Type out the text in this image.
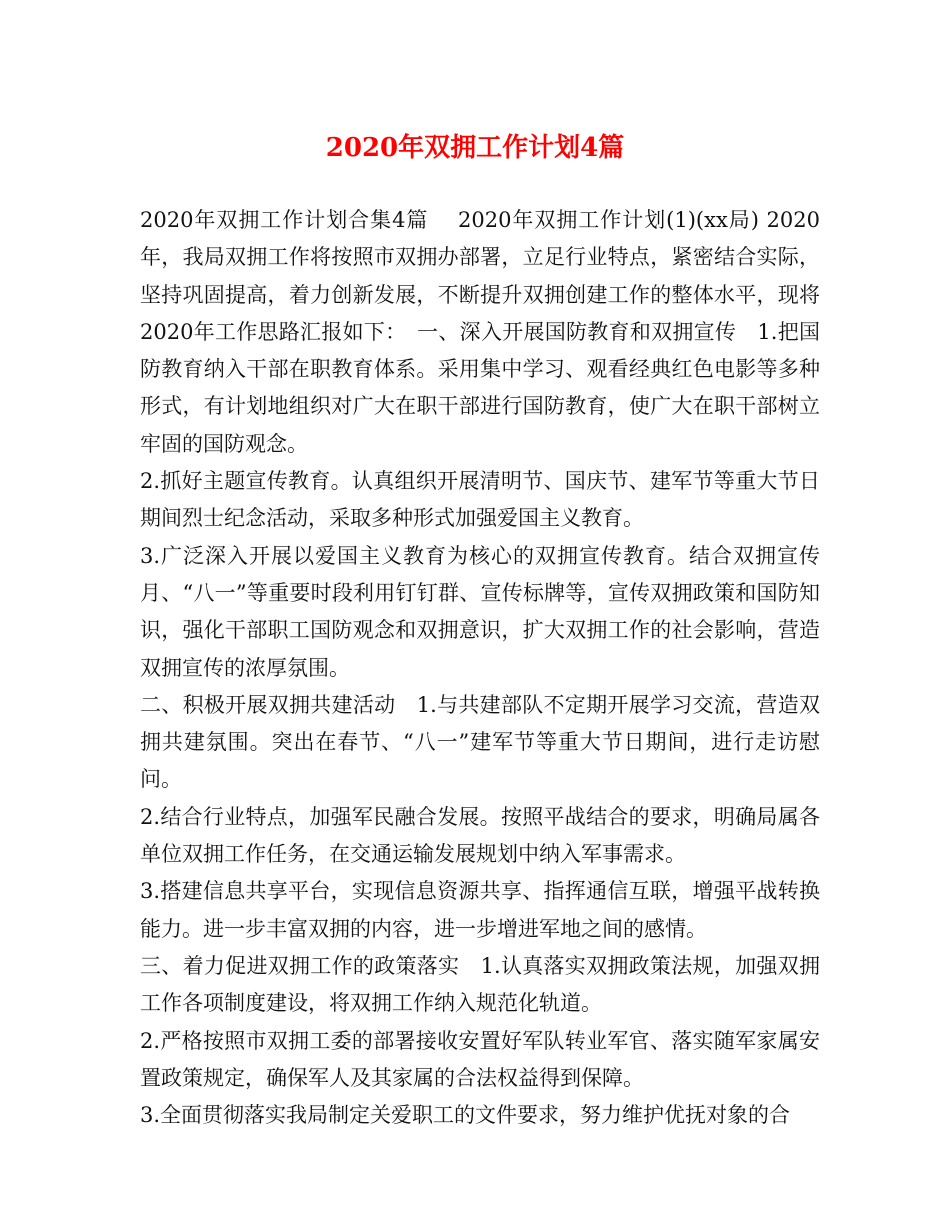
2020年双拥工作计划4篇

2020年双拥工作计划合集4篇　 2020年双拥工作计划(1)(xx局) 2020年，我局双拥工作将按照市双拥办部署，立足行业特点，紧密结合实际，坚持巩固提高，着力创新发展，不断提升双拥创建工作的整体水平，现将2020年工作思路汇报如下：　一、深入开展国防教育和双拥宣传　1.把国防教育纳入干部在职教育体系。采用集中学习、观看经典红色电影等多种形式，有计划地组织对广大在职干部进行国防教育，使广大在职干部树立牢固的国防观念。

2.抓好主题宣传教育。认真组织开展清明节、国庆节、建军节等重大节日期间烈士纪念活动，采取多种形式加强爱国主义教育。

3.广泛深入开展以爱国主义教育为核心的双拥宣传教育。结合双拥宣传月、“八一”等重要时段利用钉钉群、宣传标牌等，宣传双拥政策和国防知识，强化干部职工国防观念和双拥意识，扩大双拥工作的社会影响，营造双拥宣传的浓厚氛围。

二、积极开展双拥共建活动　1.与共建部队不定期开展学习交流，营造双拥共建氛围。突出在春节、“八一”建军节等重大节日期间，进行走访慰问。

2.结合行业特点，加强军民融合发展。按照平战结合的要求，明确局属各单位双拥工作任务，在交通运输发展规划中纳入军事需求。

3.搭建信息共享平台，实现信息资源共享、指挥通信互联，增强平战转换能力。进一步丰富双拥的内容，进一步增进军地之间的感情。

三、着力促进双拥工作的政策落实　1.认真落实双拥政策法规，加强双拥工作各项制度建设，将双拥工作纳入规范化轨道。

2.严格按照市双拥工委的部署接收安置好军队转业军官、落实随军家属安置政策规定，确保军人及其家属的合法权益得到保障。

3.全面贯彻落实我局制定关爱职工的文件要求，努力维护优抚对象的合
